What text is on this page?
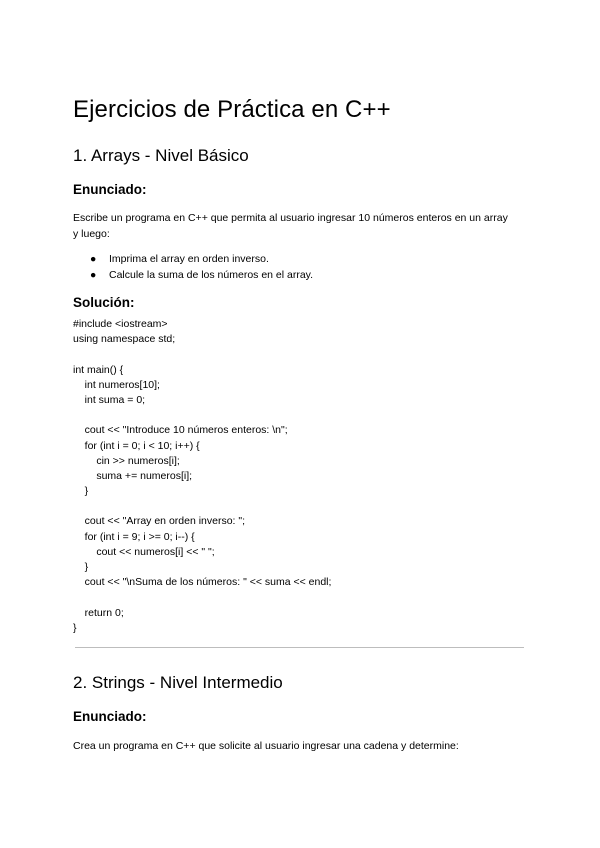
Ejercicios de Práctica en C++
1. Arrays - Nivel Básico
Enunciado:

Escribe un programa en C++ que permita al usuario ingresar 10 números enteros en un array y luego:

● Imprima el array en orden inverso.
● Calcule la suma de los números en el array.
Solución:
#include <iostream>
using namespace std;
int main() {
int numeros[10];
int suma = 0;
cout << "Introduce 10 números enteros: \n";
for (int i = 0; i < 10; i++) {
cin >> numeros[i];
suma += numeros[i];
}
cout << "Array en orden inverso: ";
for (int i = 9; i >= 0; i--) {
cout << numeros[i] << " ";
}
cout << "\nSuma de los números: " << suma << endl;
return 0;
}
2. Strings - Nivel Intermedio
Enunciado:

Crea un programa en C++ que solicite al usuario ingresar una cadena y determine:
